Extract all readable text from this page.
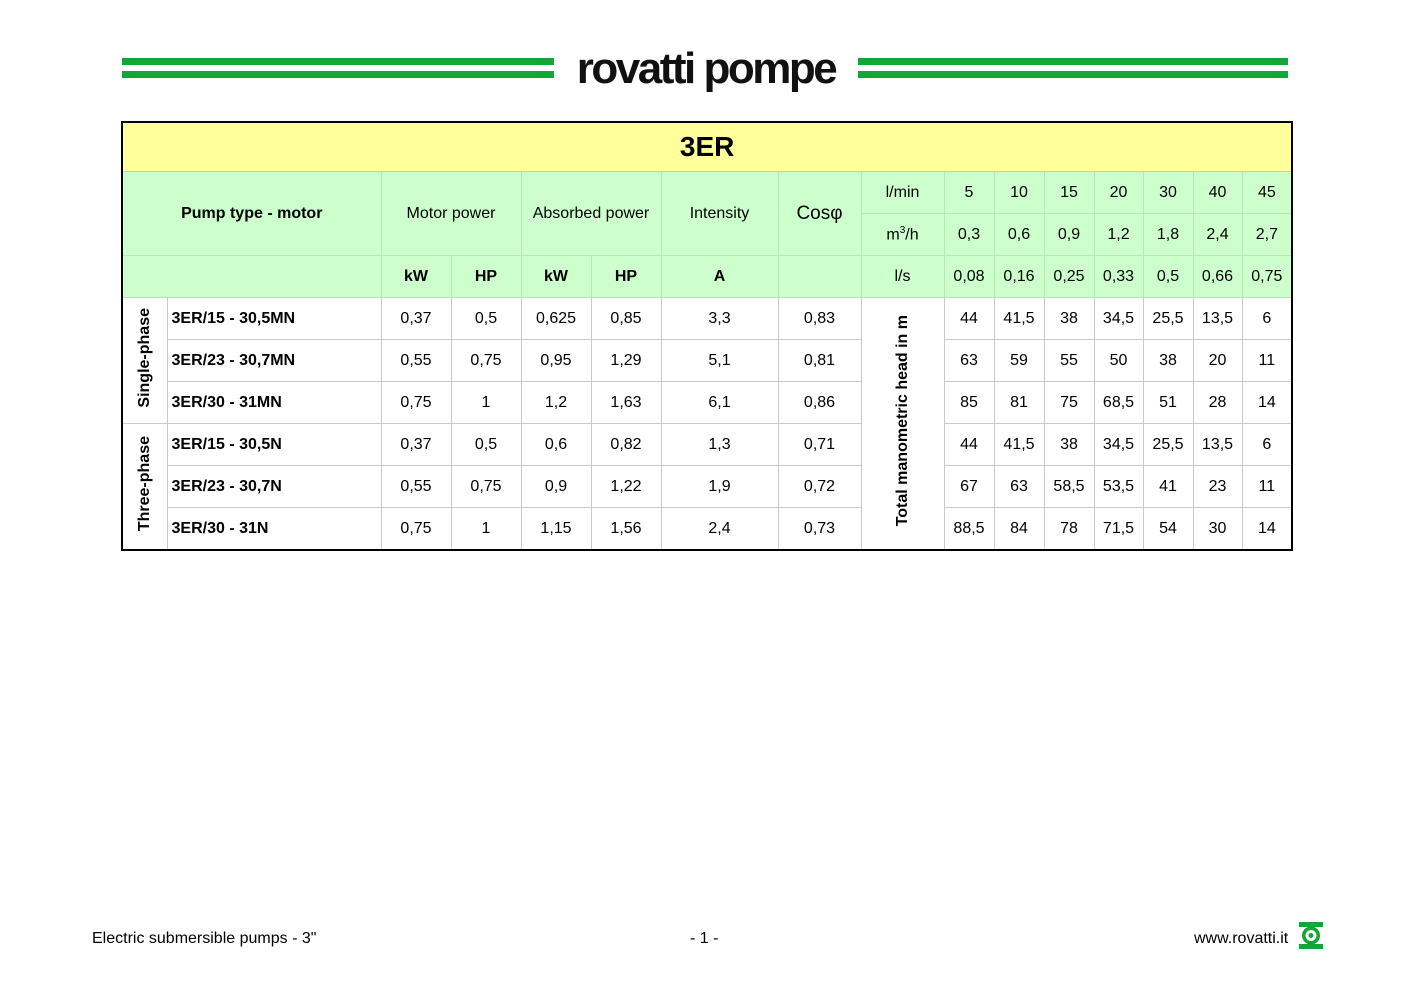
rovatti pompe
3ER															
Pump type - motor		Motor power		Absorbed power		Intensity	Cosφ	l/min	5	10	15	20	30	40	45
								$m^3/h$	0,3	0,6	0,9	1,2	1,8	2,4	2,7
		kW	HP	kW	HP	A		l/s	0,08	0,16	0,25	0,33	0,5	0,66	0,75
Single-phase	3ER/15 - 30,5MN	0,37	0,5	0,625	0,85	3,3	0,83	Total manometric head in m	44	41,5	38	34,5	25,5	13,5	6
	3ER/23 - 30,7MN	0,55	0,75	0,95	1,29	5,1	0,81		63	59	55	50	38	20	11
	3ER/30 - 31MN	0,75	1	1,2	1,63	6,1	0,86		85	81	75	68,5	51	28	14
Three-phase	3ER/15 - 30,5N	0,37	0,5	0,6	0,82	1,3	0,71		44	41,5	38	34,5	25,5	13,5	6
	3ER/23 - 30,7N	0,55	0,75	0,9	1,22	1,9	0,72		67	63	58,5	53,5	41	23	11
	3ER/30 - 31N	0,75	1	1,15	1,56	2,4	0,73		88,5	84	78	71,5	54	30	14
Electric submersible pumps - 3"	- 1 -	www.rovatti.it
